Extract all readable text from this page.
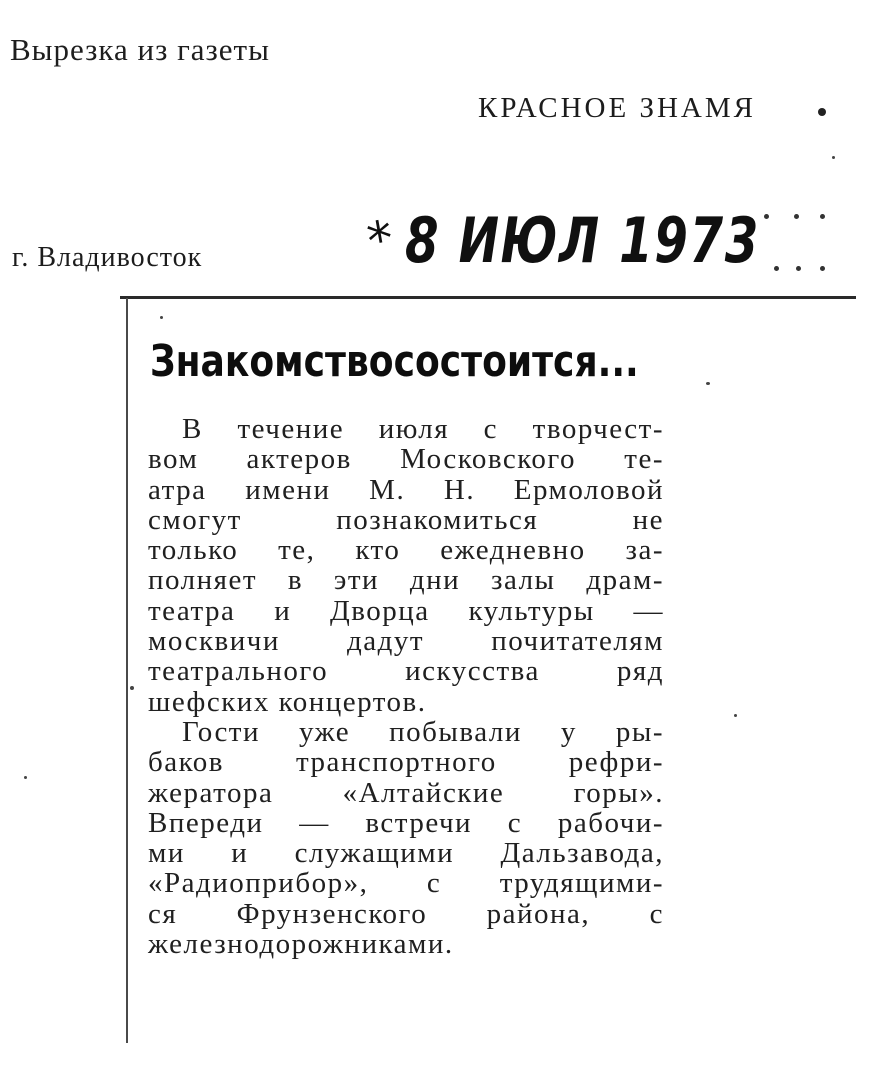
Вырезка из газеты
КРАСНОЕ ЗНАМЯ
г. Владивосток	* 8 ИЮЛ 1973
Знакомство состоится...
В течение июля с творчест-
вом актеров Московского те-
атра имени М. Н. Ермоловой
смогут познакомиться не
только те, кто ежедневно за-
полняет в эти дни залы драм-
театра и Дворца культуры —
москвичи дадут почитателям
театрального искусства ряд
шефских концертов.
Гости уже побывали у ры-
баков транспортного рефри-
жератора «Алтайские горы».
Впереди — встречи с рабочи-
ми и служащими Дальзавода,
«Радиоприбор», с трудящими-
ся Фрунзенского района, с
железнодорожниками.
